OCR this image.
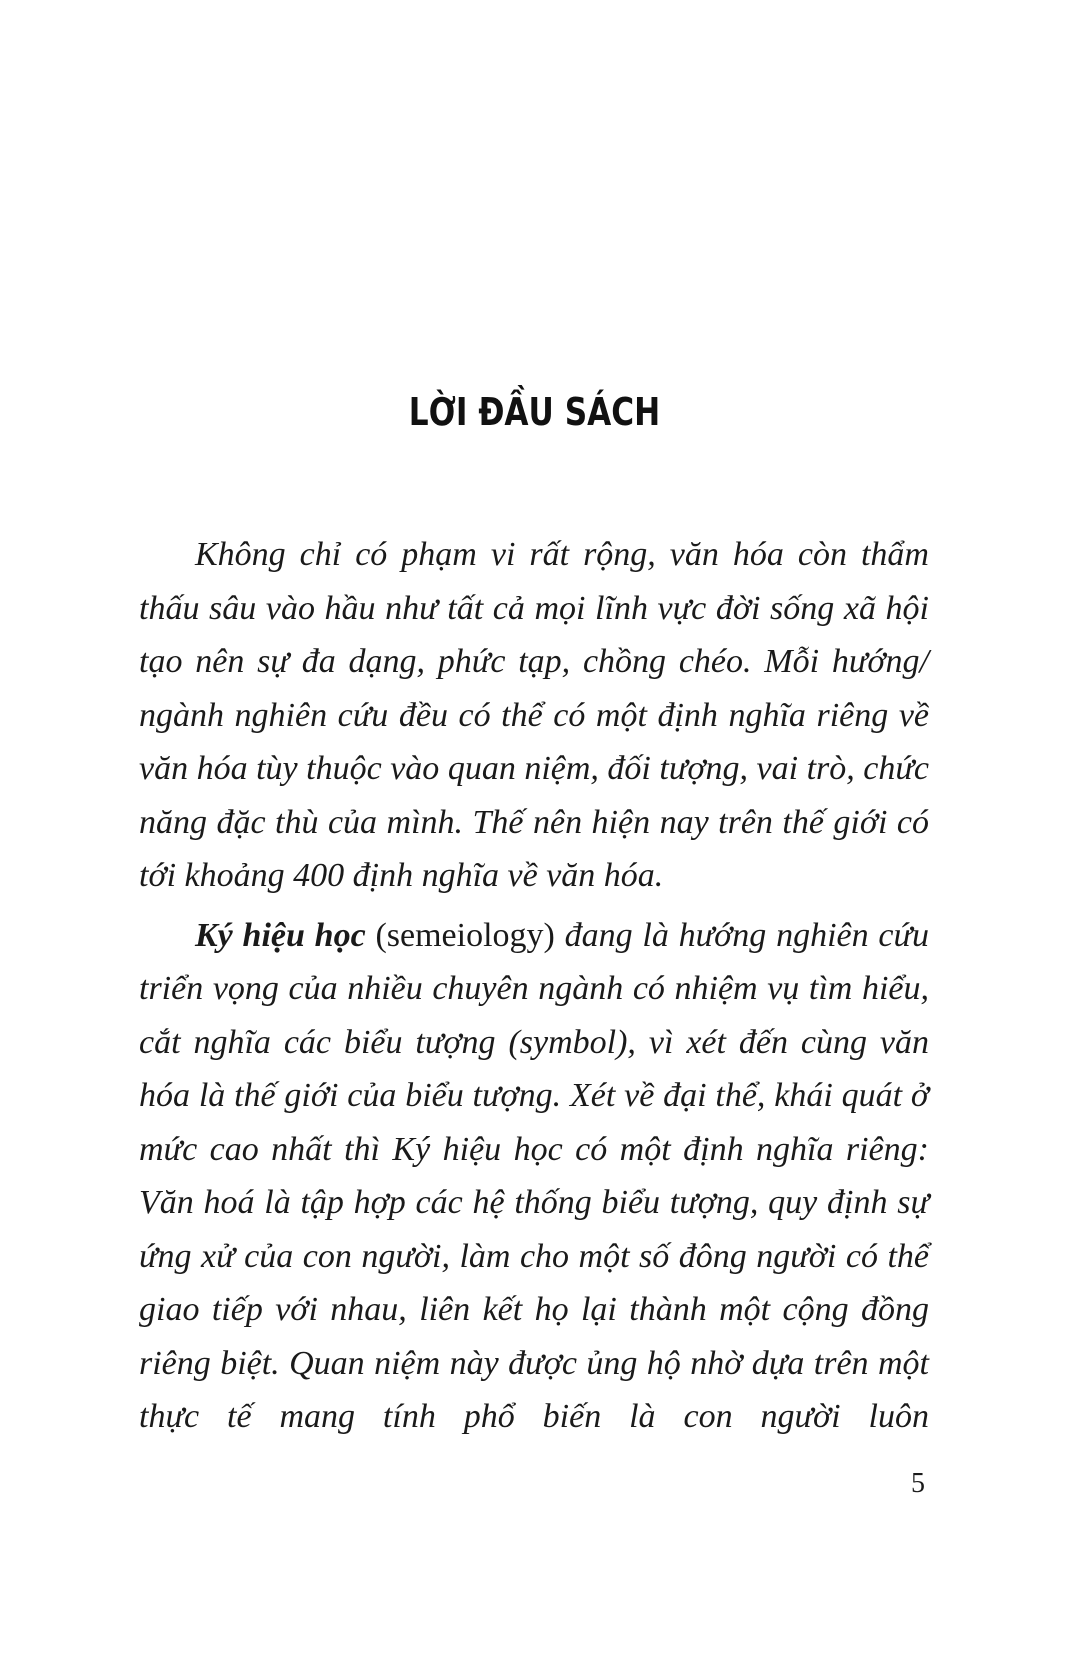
LỜI ĐẦU SÁCH

Không chỉ có phạm vi rất rộng, văn hóa còn thẩm thấu sâu vào hầu như tất cả mọi lĩnh vực đời sống xã hội tạo nên sự đa dạng, phức tạp, chồng chéo. Mỗi hướng/ ngành nghiên cứu đều có thể có một định nghĩa riêng về văn hóa tùy thuộc vào quan niệm, đối tượng, vai trò, chức năng đặc thù của mình. Thế nên hiện nay trên thế giới có tới khoảng 400 định nghĩa về văn hóa.

Ký hiệu học (semeiology) đang là hướng nghiên cứu triển vọng của nhiều chuyên ngành có nhiệm vụ tìm hiểu, cắt nghĩa các biểu tượng (symbol), vì xét đến cùng văn hóa là thế giới của biểu tượng. Xét về đại thể, khái quát ở mức cao nhất thì Ký hiệu học có một định nghĩa riêng: Văn hoá là tập hợp các hệ thống biểu tượng, quy định sự ứng xử của con người, làm cho một số đông người có thể giao tiếp với nhau, liên kết họ lại thành một cộng đồng riêng biệt. Quan niệm này được ủng hộ nhờ dựa trên một thực tế mang tính phổ biến là con người luôn

5
